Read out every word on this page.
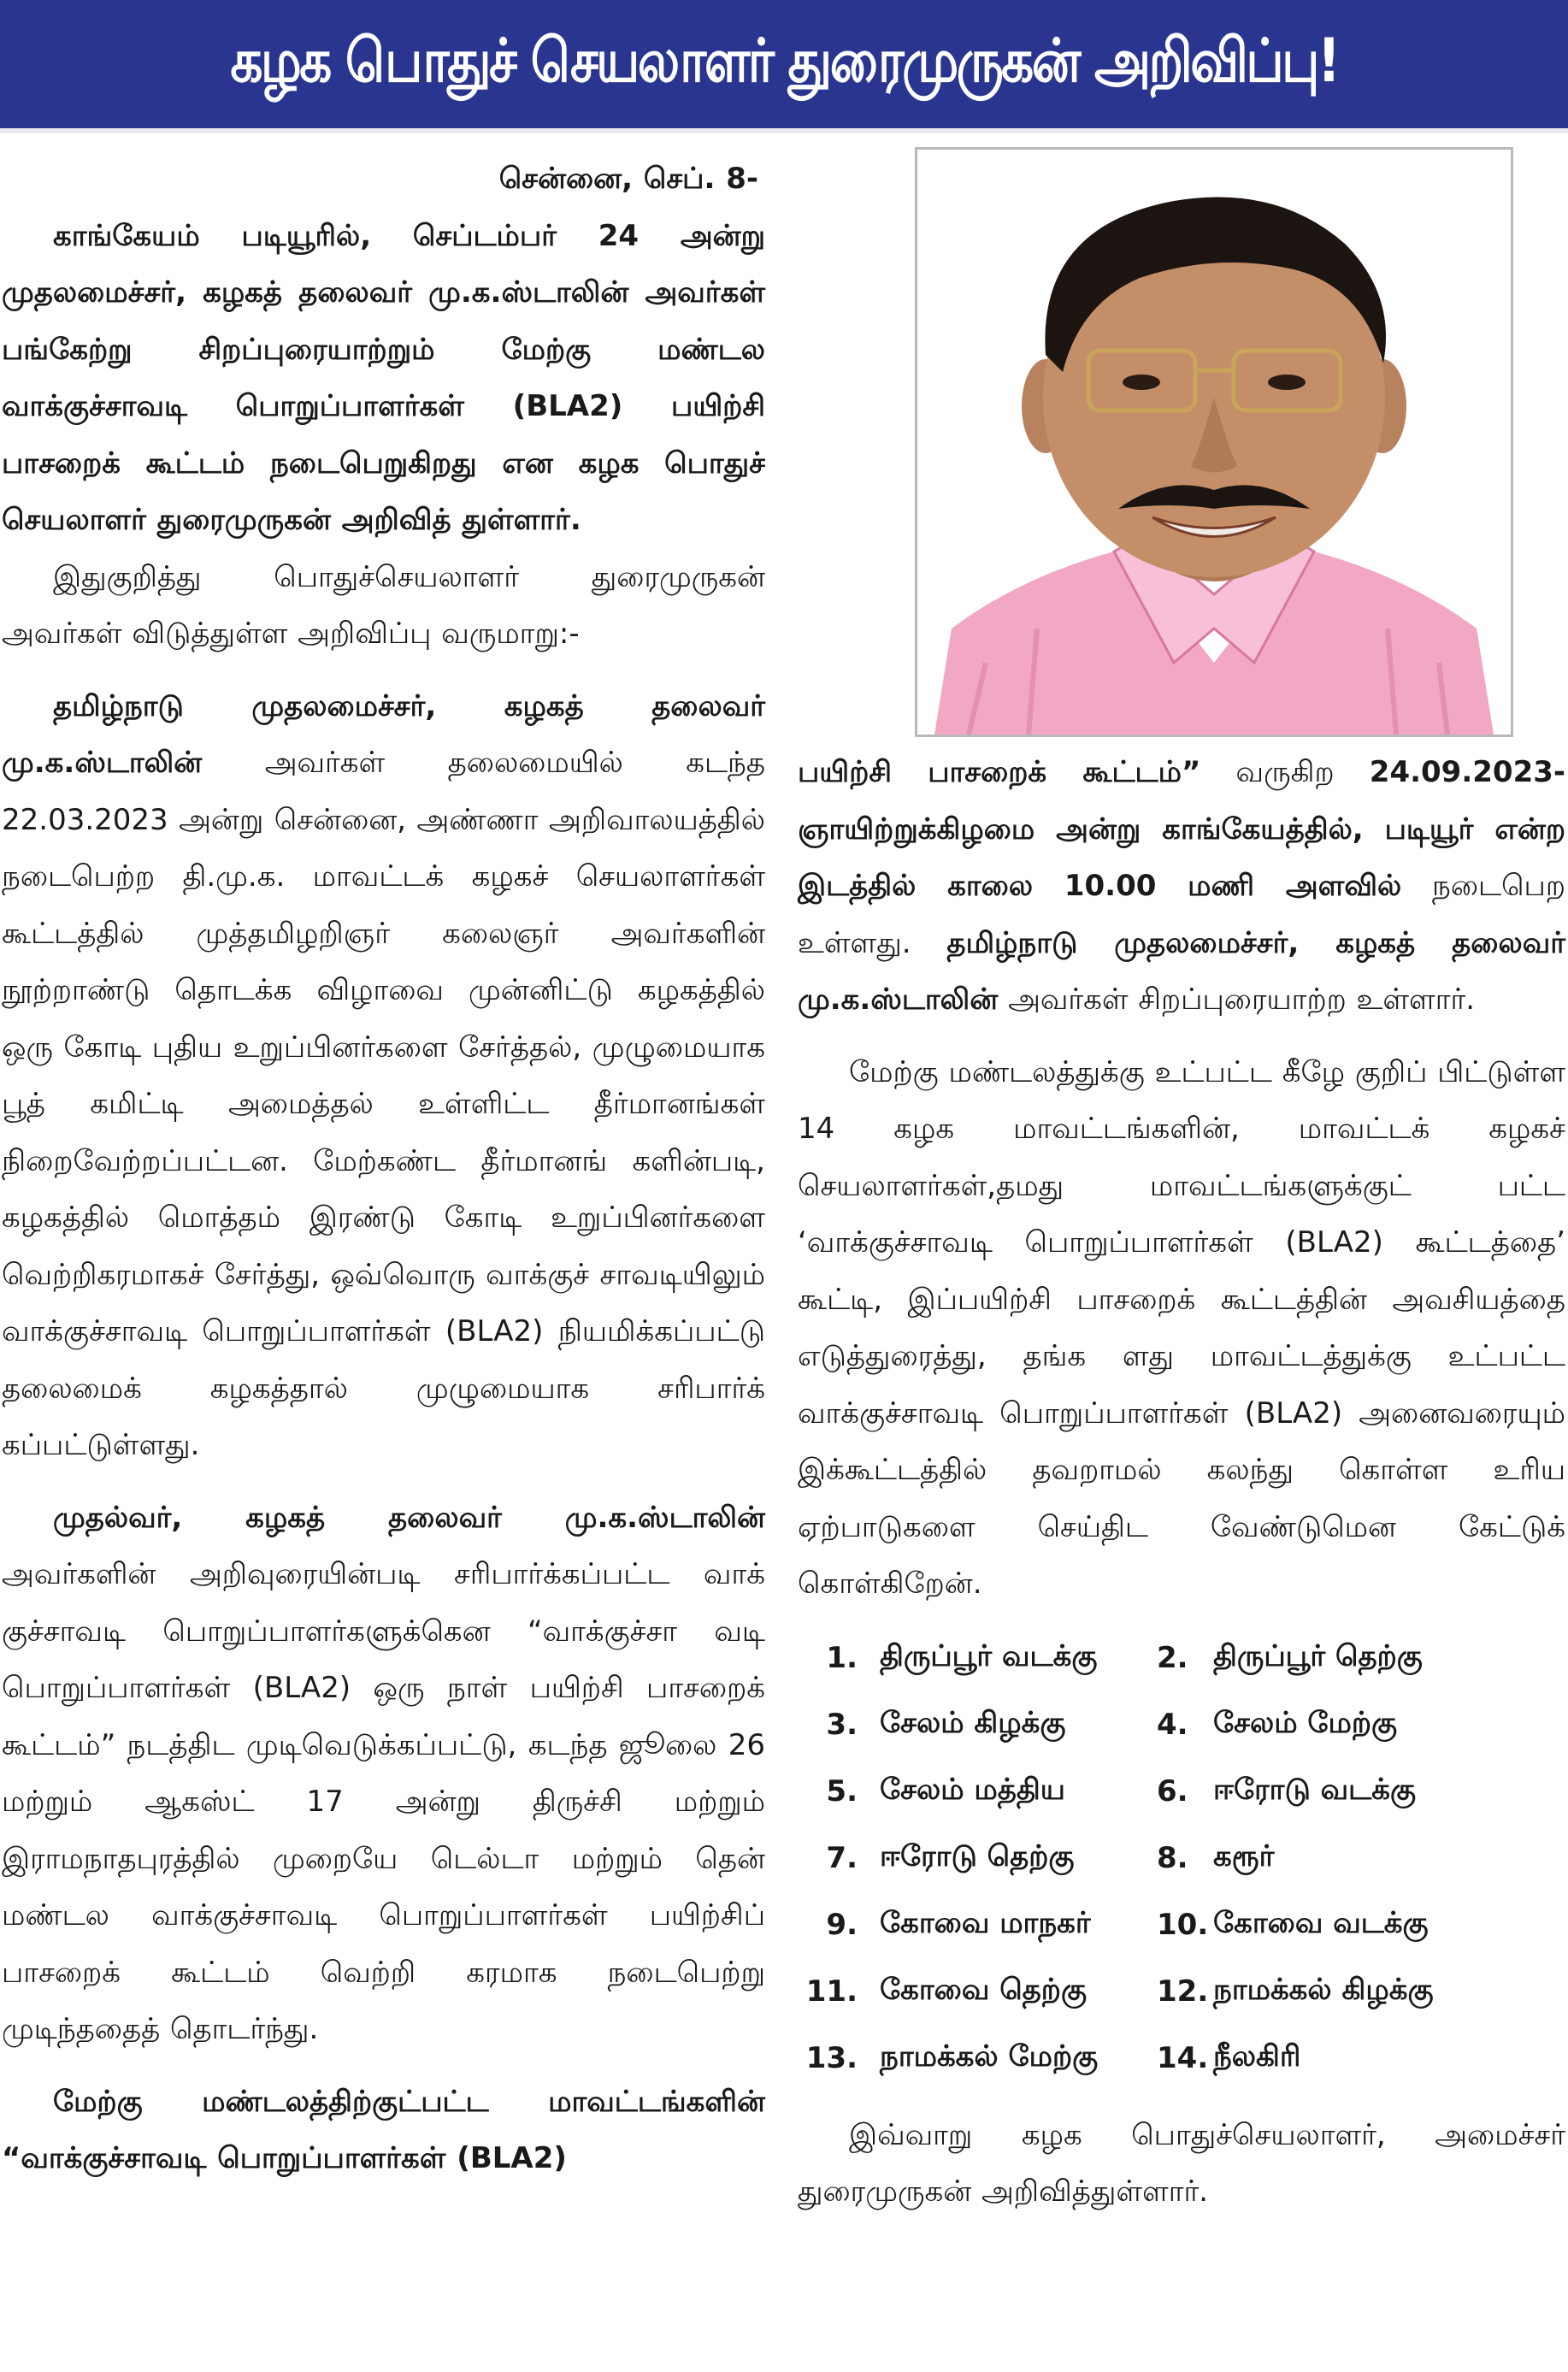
கழக பொதுச் செயலாளர் துரைமுருகன் அறிவிப்பு!

சென்னை, செப். 8-

காங்கேயம் படியூரில், செப்டம்பர் 24 அன்று முதலமைச்சர், கழகத் தலைவர் மு.க.ஸ்டாலின் அவர்கள் பங்கேற்று சிறப்புரையாற்றும் மேற்கு மண்டல வாக்குச்சாவடி பொறுப்பாளர்கள் (BLA2) பயிற்சி பாசறைக் கூட்டம் நடைபெறுகிறது என கழக பொதுச் செயலாளர் துரைமுருகன் அறிவித் துள்ளார்.

இதுகுறித்து பொதுச்செயலாளர் துரைமுருகன் அவர்கள் விடுத்துள்ள அறிவிப்பு வருமாறு:-

தமிழ்நாடு முதலமைச்சர், கழகத் தலைவர் மு.க.ஸ்டாலின் அவர்கள் தலைமையில் கடந்த 22.03.2023 அன்று சென்னை, அண்ணா அறிவாலயத்தில் நடைபெற்ற தி.மு.க. மாவட்டக் கழகச் செயலாளர்கள் கூட்டத்தில் முத்தமிழறிஞர் கலைஞர் அவர்களின் நூற்றாண்டு தொடக்க விழாவை முன்னிட்டு கழகத்தில் ஒரு கோடி புதிய உறுப்பினர்களை சேர்த்தல், முழுமையாக பூத் கமிட்டி அமைத்தல் உள்ளிட்ட தீர்மானங்கள் நிறைவேற்றப்பட்டன. மேற்கண்ட தீர்மானங் களின்படி, கழகத்தில் மொத்தம் இரண்டு கோடி உறுப்பினர்களை வெற்றிகரமாகச் சேர்த்து, ஒவ்வொரு வாக்குச் சாவடியிலும் வாக்குச்சாவடி பொறுப்பாளர்கள் (BLA2) நியமிக்கப்பட்டு தலைமைக் கழகத்தால் முழுமையாக சரிபார்க் கப்பட்டுள்ளது.

முதல்வர், கழகத் தலைவர் மு.க.ஸ்டாலின் அவர்களின் அறிவுரையின்படி சரிபார்க்கப்பட்ட வாக் குச்சாவடி பொறுப்பாளர்களுக்கென “வாக்குச்சா வடி பொறுப்பாளர்கள் (BLA2) ஒரு நாள் பயிற்சி பாசறைக் கூட்டம்” நடத்திட முடிவெடுக்கப்பட்டு, கடந்த ஜூலை 26 மற்றும் ஆகஸ்ட் 17 அன்று திருச்சி மற்றும் இராமநாதபுரத்தில் முறையே டெல்டா மற்றும் தென் மண்டல வாக்குச்சாவடி பொறுப்பாளர்கள் பயிற்சிப் பாசறைக் கூட்டம் வெற்றி கரமாக நடைபெற்று முடிந்ததைத் தொடர்ந்து.

மேற்கு மண்டலத்திற்குட்பட்ட மாவட்டங்களின் “வாக்குச்சாவடி பொறுப்பாளர்கள் (BLA2)

பயிற்சி பாசறைக் கூட்டம்” வருகிற 24.09.2023-ஞாயிற்றுக்கிழமை அன்று காங்கேயத்தில், படியூர் என்ற இடத்தில் காலை 10.00 மணி அளவில் நடைபெற உள்ளது. தமிழ்நாடு முதலமைச்சர், கழகத் தலைவர் மு.க.ஸ்டாலின் அவர்கள் சிறப்புரையாற்ற உள்ளார்.

மேற்கு மண்டலத்துக்கு உட்பட்ட கீழே குறிப் பிட்டுள்ள 14 கழக மாவட்டங்களின், மாவட்டக் கழகச் செயலாளர்கள்,தமது மாவட்டங்களுக்குட் பட்ட ‘வாக்குச்சாவடி பொறுப்பாளர்கள் (BLA2) கூட்டத்தை’ கூட்டி, இப்பயிற்சி பாசறைக் கூட்டத்தின் அவசியத்தை எடுத்துரைத்து, தங்க ளது மாவட்டத்துக்கு உட்பட்ட வாக்குச்சாவடி பொறுப்பாளர்கள் (BLA2) அனைவரையும் இக்கூட்டத்தில் தவறாமல் கலந்து கொள்ள உரிய ஏற்பாடுகளை செய்திட வேண்டுமென கேட்டுக் கொள்கிறேன்.

1. திருப்பூர் வடக்கு 2. திருப்பூர் தெற்கு
3. சேலம் கிழக்கு	4. சேலம் மேற்கு
5. சேலம் மத்திய	6. ஈரோடு வடக்கு
7. ஈரோடு தெற்கு	8. கரூர்
9. கோவை மாநகர் 10. கோவை வடக்கு
11. கோவை தெற்கு 12. நாமக்கல் கிழக்கு
13. நாமக்கல் மேற்கு 14. நீலகிரி

இவ்வாறு கழக பொதுச்செயலாளர், அமைச்சர் துரைமுருகன் அறிவித்துள்ளார்.
